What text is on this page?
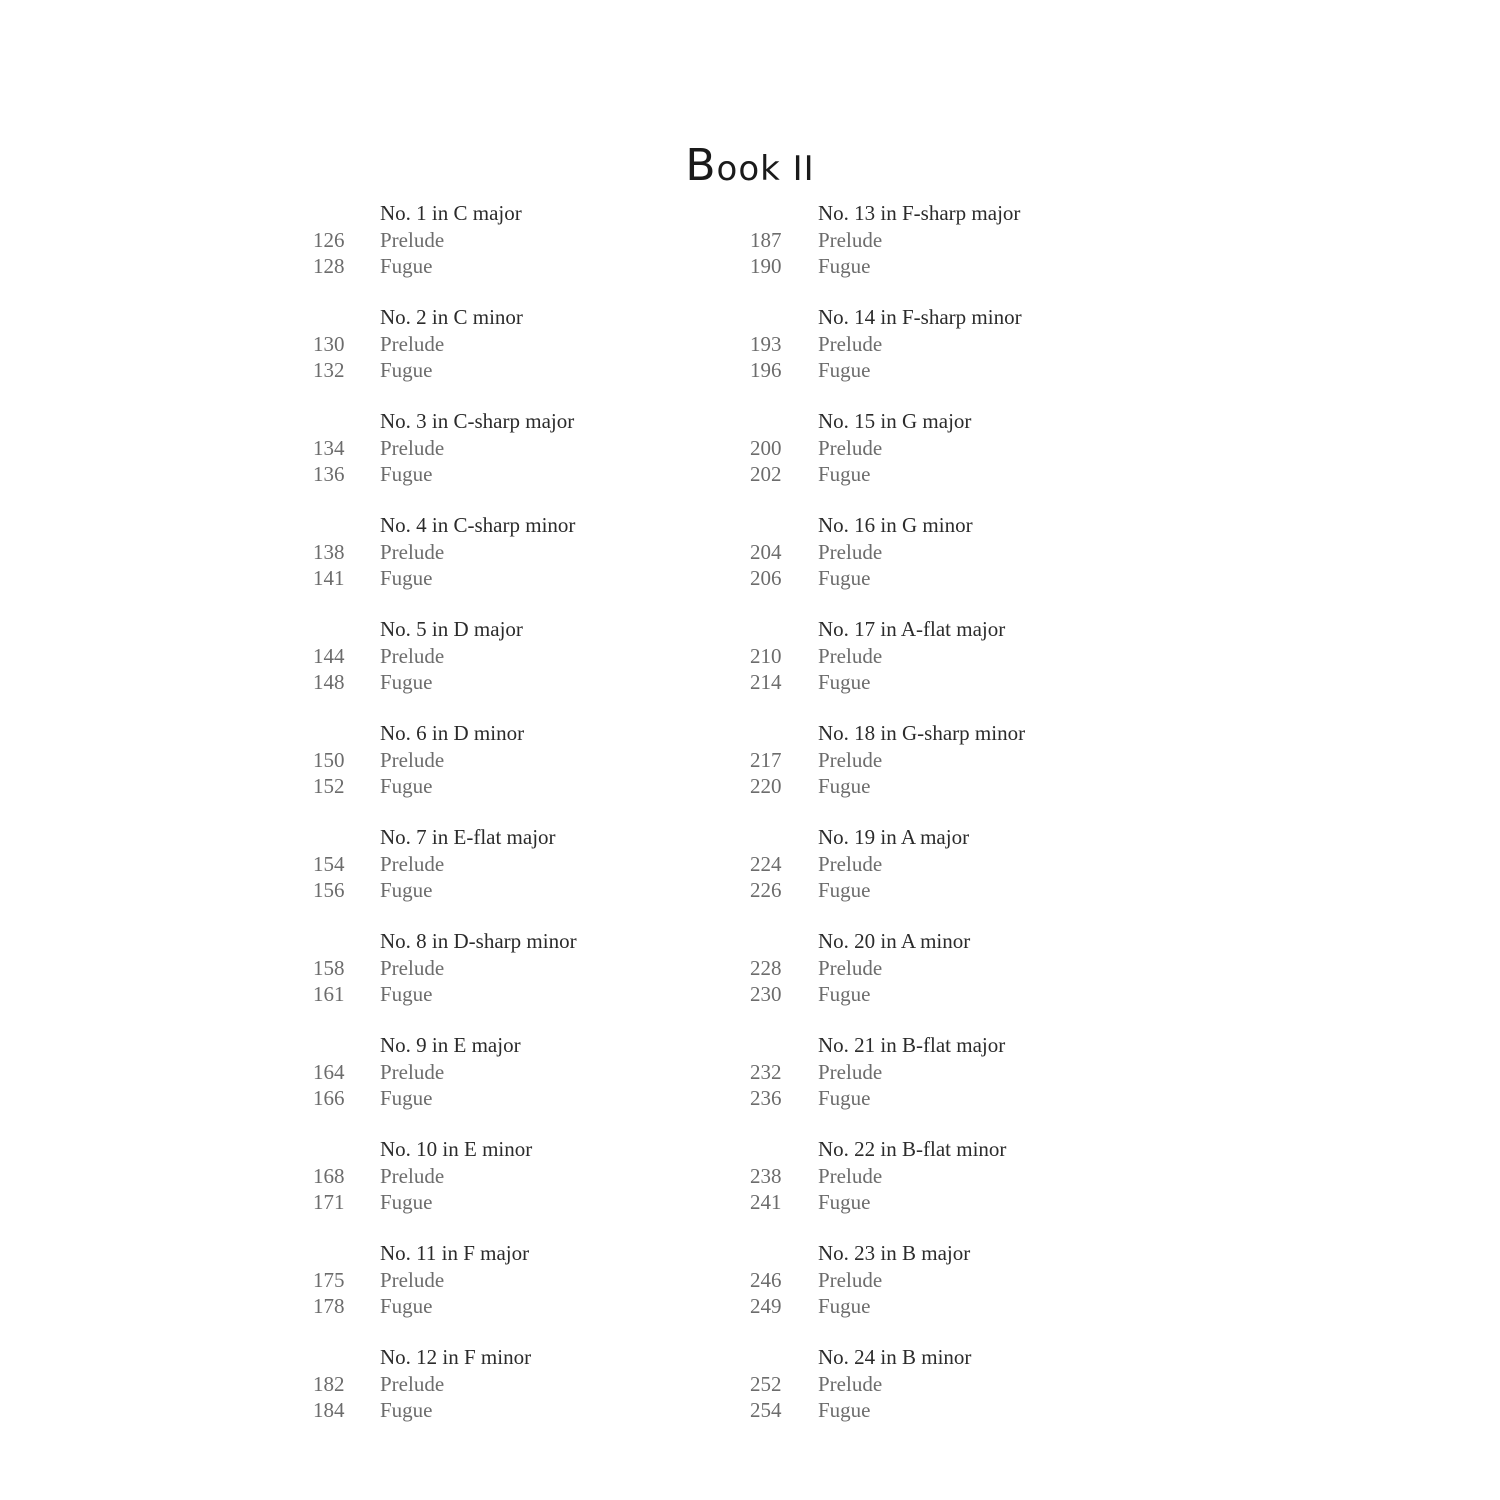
Book II
No. 1 in C major
126	Prelude
128	Fugue
No. 2 in C minor
130	Prelude
132	Fugue
No. 3 in C-sharp major
134	Prelude
136	Fugue
No. 4 in C-sharp minor
138	Prelude
141	Fugue
No. 5 in D major
144	Prelude
148	Fugue
No. 6 in D minor
150	Prelude
152	Fugue
No. 7 in E-flat major
154	Prelude
156	Fugue
No. 8 in D-sharp minor
158	Prelude
161	Fugue
No. 9 in E major
164	Prelude
166	Fugue
No. 10 in E minor
168	Prelude
171	Fugue
No. 11 in F major
175	Prelude
178	Fugue
No. 12 in F minor
182	Prelude
184	Fugue
No. 13 in F-sharp major
187	Prelude
190	Fugue
No. 14 in F-sharp minor
193	Prelude
196	Fugue
No. 15 in G major
200	Prelude
202	Fugue
No. 16 in G minor
204	Prelude
206	Fugue
No. 17 in A-flat major
210	Prelude
214	Fugue
No. 18 in G-sharp minor
217	Prelude
220	Fugue
No. 19 in A major
224	Prelude
226	Fugue
No. 20 in A minor
228	Prelude
230	Fugue
No. 21 in B-flat major
232	Prelude
236	Fugue
No. 22 in B-flat minor
238	Prelude
241	Fugue
No. 23 in B major
246	Prelude
249	Fugue
No. 24 in B minor
252	Prelude
254	Fugue
